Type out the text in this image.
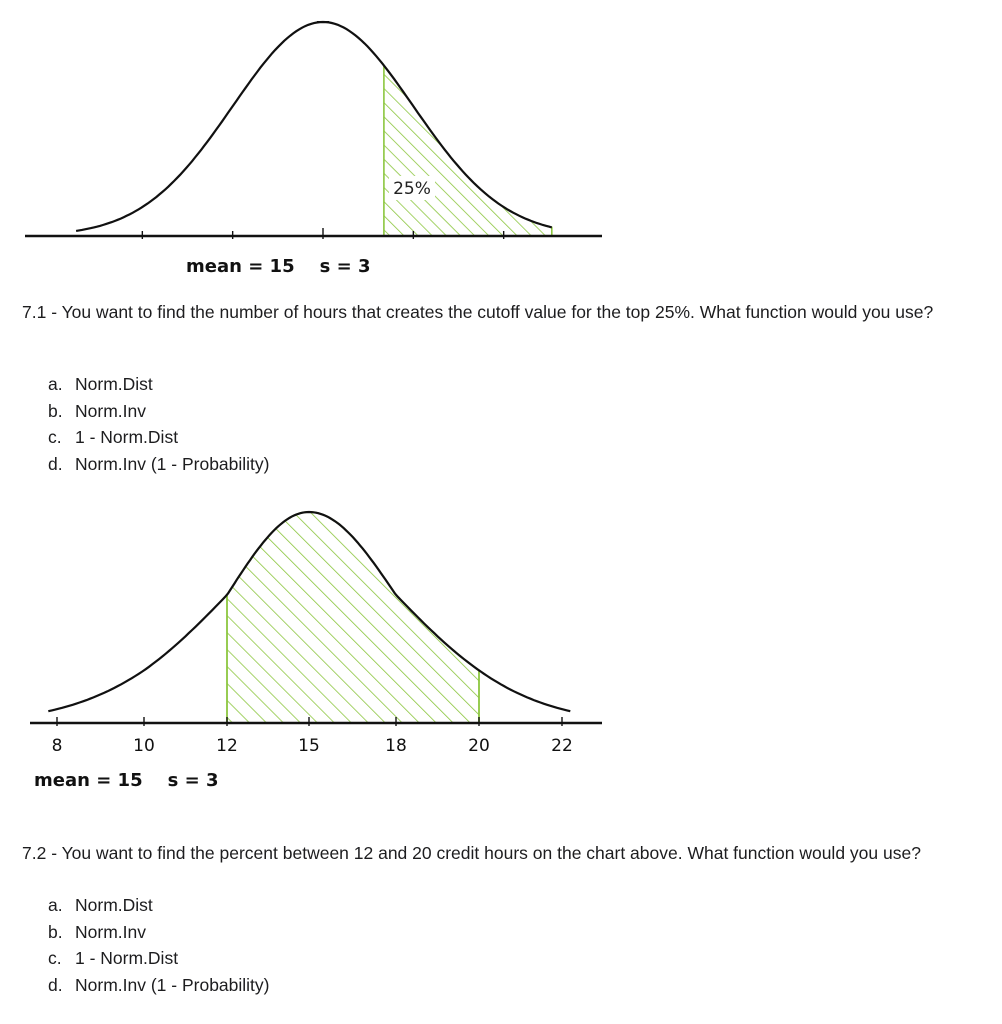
25%
mean = 15    s = 3
7.1 - You want to find the number of hours that creates the cutoff value for the top 25%. What function would you use?
a. Norm.Dist
b. Norm.Inv
c. 1 - Norm.Dist
d. Norm.Inv (1 - Probability)
8	10	12	15	18	20	22
mean = 15    s = 3
7.2 - You want to find the percent between 12 and 20 credit hours on the chart above. What function would you use?
a. Norm.Dist
b. Norm.Inv
c. 1 - Norm.Dist
d. Norm.Inv (1 - Probability)
